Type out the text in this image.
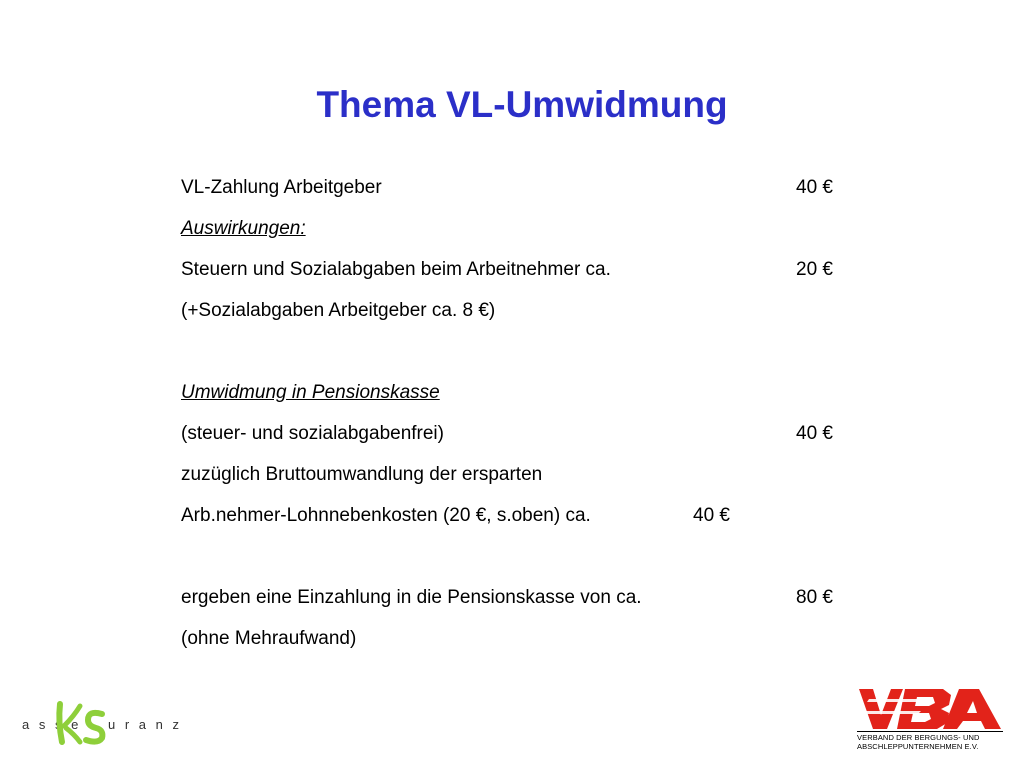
Thema VL-Umwidmung
VL-Zahlung Arbeitgeber	40 €
Auswirkungen:
Steuern und Sozialabgaben beim Arbeitnehmer ca.	20 €
(+Sozialabgaben Arbeitgeber ca. 8 €)
Umwidmung in Pensionskasse
(steuer- und sozialabgabenfrei)	40 €
zuzüglich Bruttoumwandlung der ersparten
Arb.nehmer-Lohnnebenkosten (20 €, s.oben) ca.	40 €
ergeben eine Einzahlung in die Pensionskasse von ca.	80 €
(ohne Mehraufwand)
a s s e u r a n z
VERBAND DER BERGUNGS- UND
ABSCHLEPPUNTERNEHMEN E.V.
